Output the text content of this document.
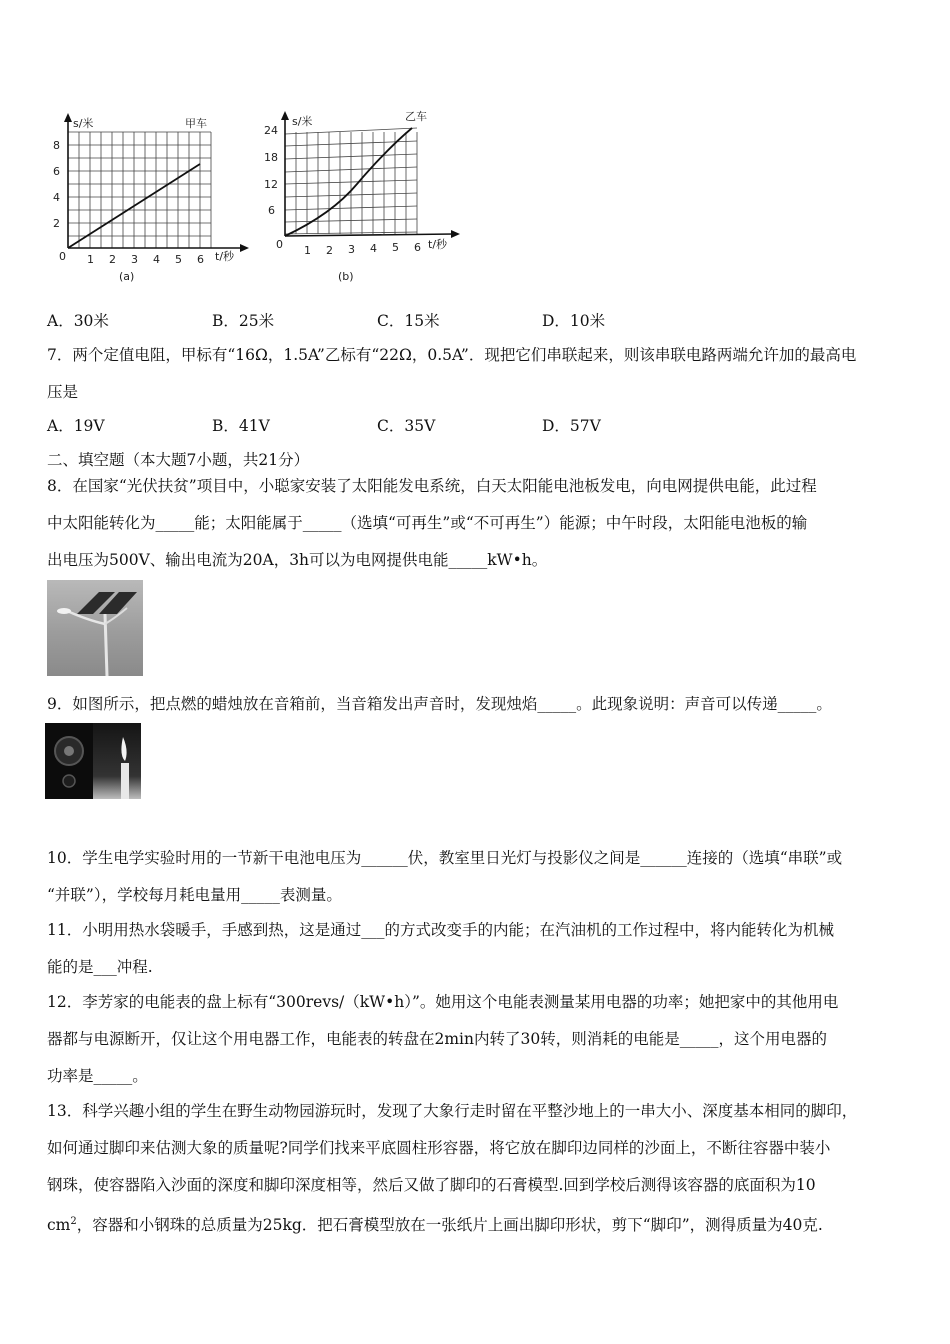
s/米	甲车
8
6
4
2
0 1 2 3 4 5 6 t/秒
(a)
s/米	乙车
24
18
12
6
0 1 2 3 4 5 6 t/秒
(b)
A．30米	B．25米	C．15米	D．10米
7．两个定值电阻，甲标有“16Ω，1.5A”乙标有“22Ω，0.5A”．现把它们串联起来，则该串联电路两端允许加的最高电
压是
A．19V	B．41V	C．35V	D．57V
二、填空题（本大题7小题，共21分）
8．在国家“光伏扶贫”项目中，小聪家安装了太阳能发电系统，白天太阳能电池板发电，向电网提供电能，此过程
中太阳能转化为_____能；太阳能属于_____（选填“可再生”或“不可再生”）能源；中午时段，太阳能电池板的输
出电压为500V、输出电流为20A，3h可以为电网提供电能_____kW•h。
9．如图所示，把点燃的蜡烛放在音箱前，当音箱发出声音时，发现烛焰_____。此现象说明：声音可以传递_____。
10．学生电学实验时用的一节新干电池电压为______伏，教室里日光灯与投影仪之间是______连接的（选填“串联”或
“并联”），学校每月耗电量用_____表测量。
11．小明用热水袋暖手，手感到热，这是通过___的方式改变手的内能；在汽油机的工作过程中，将内能转化为机械
能的是___冲程.
12．李芳家的电能表的盘上标有“300revs/（kW•h）”。她用这个电能表测量某用电器的功率；她把家中的其他用电
器都与电源断开，仅让这个用电器工作，电能表的转盘在2min内转了30转，则消耗的电能是_____，这个用电器的
功率是_____。
13．科学兴趣小组的学生在野生动物园游玩时，发现了大象行走时留在平整沙地上的一串大小、深度基本相同的脚印，
如何通过脚印来估测大象的质量呢?同学们找来平底圆柱形容器，将它放在脚印边同样的沙面上，不断往容器中装小
钢珠，使容器陷入沙面的深度和脚印深度相等，然后又做了脚印的石膏模型.回到学校后测得该容器的底面积为10
$cm^2$，容器和小钢珠的总质量为25kg．把石膏模型放在一张纸片上画出脚印形状，剪下“脚印”，测得质量为40克.
